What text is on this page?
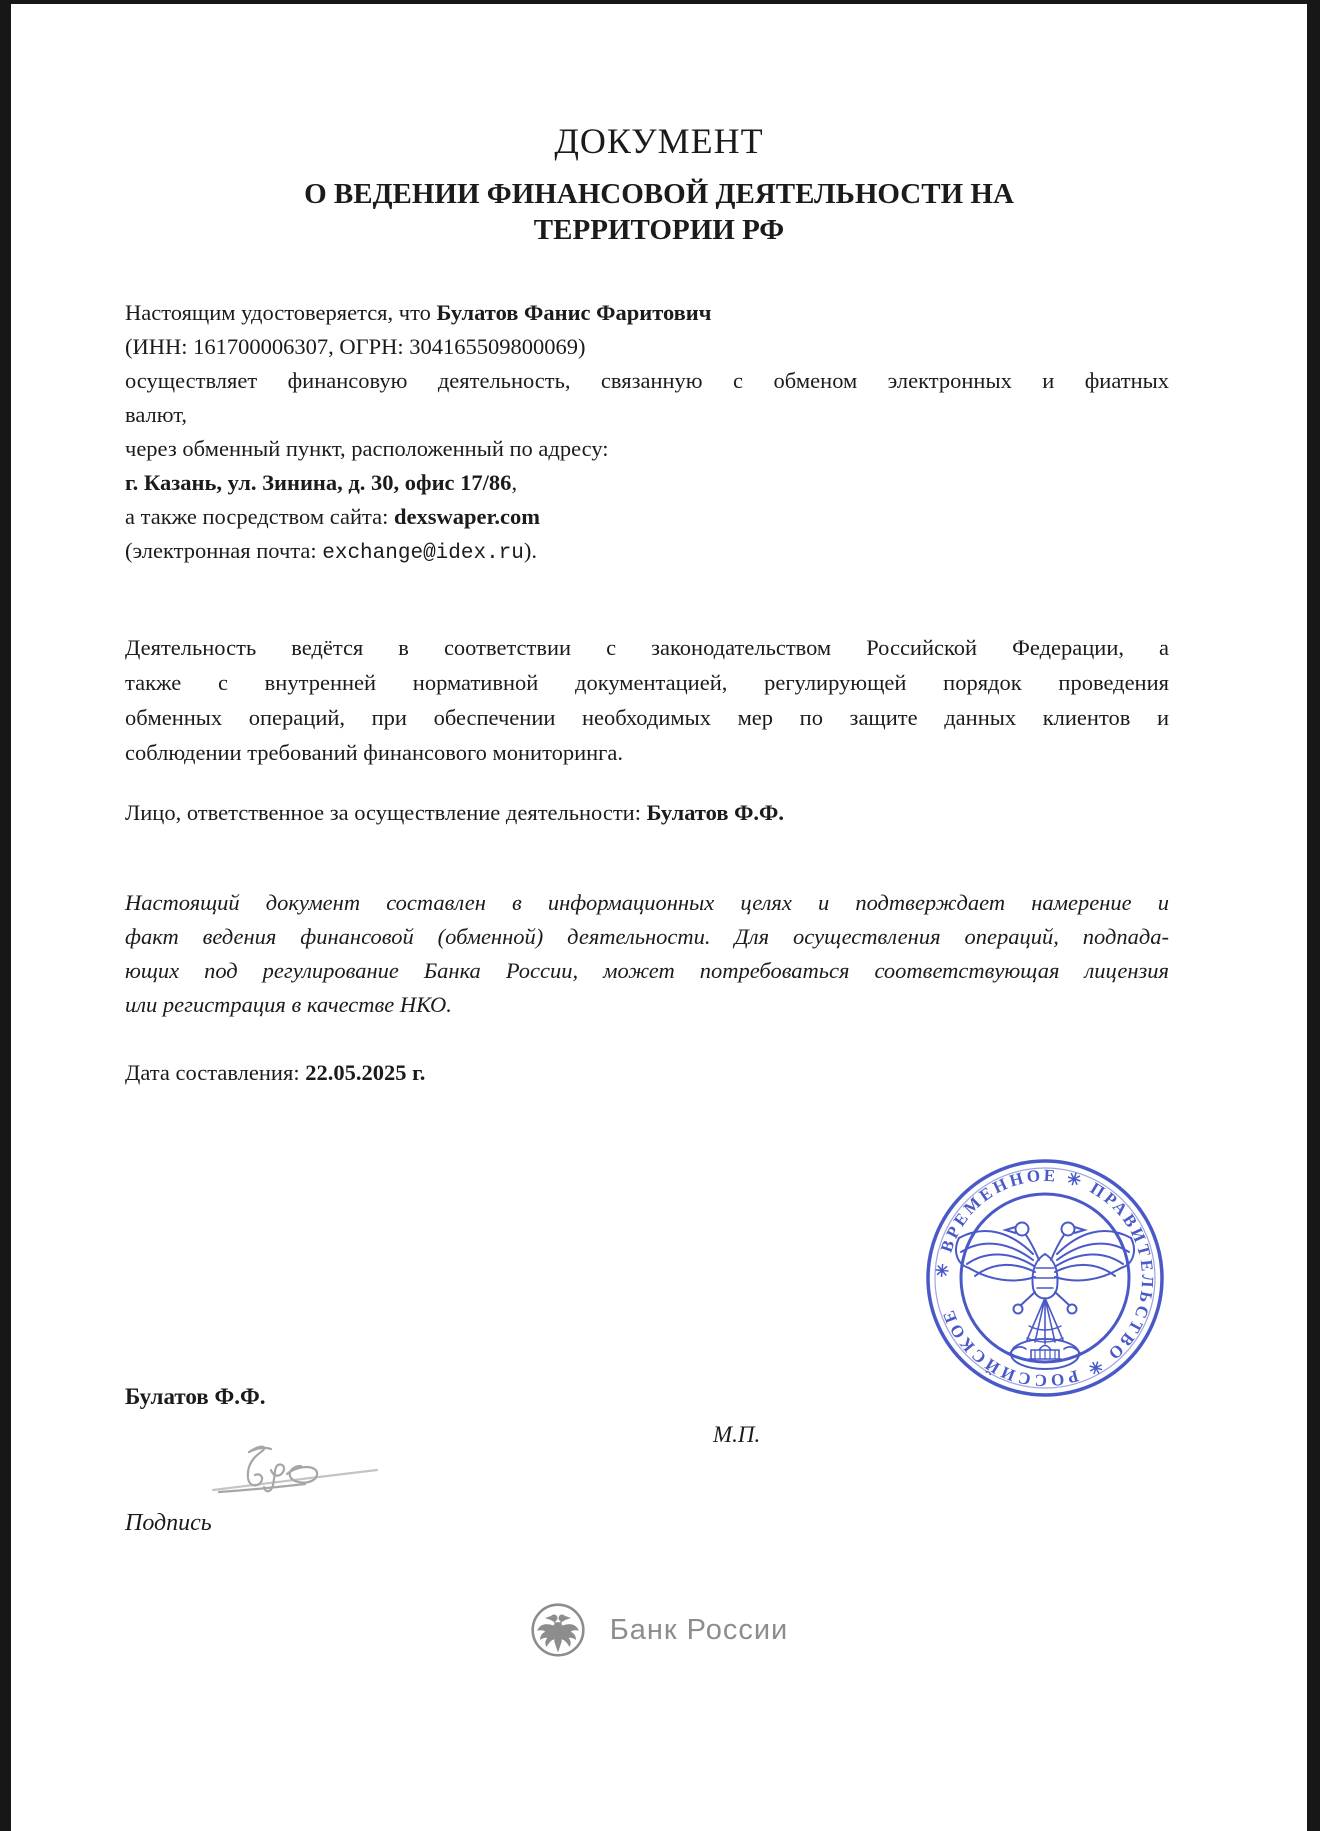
ДОКУМЕНТ
О ВЕДЕНИИ ФИНАНСОВОЙ ДЕЯТЕЛЬНОСТИ НА
ТЕРРИТОРИИ РФ
Настоящим удостоверяется, что Булатов Фанис Фаритович
(ИНН: 161700006307, ОГРН: 304165509800069)
осуществляет финансовую деятельность, связанную с обменом электронных и фиатных
валют,
через обменный пункт, расположенный по адресу:
г. Казань, ул. Зинина, д. 30, офис 17/86,
а также посредством сайта: dexswaper.com
(электронная почта: exchange@idex.ru).
Деятельность ведётся в соответствии с законодательством Российской Федерации, а
также с внутренней нормативной документацией, регулирующей порядок проведения
обменных операций, при обеспечении необходимых мер по защите данных клиентов и
соблюдении требований финансового мониторинга.
Лицо, ответственное за осуществление деятельности: Булатов Ф.Ф.
Настоящий документ составлен в информационных целях и подтверждает намерение и
факт ведения финансовой (обменной) деятельности. Для осуществления операций, подпада-
ющих под регулирование Банка России, может потребоваться соответствующая лицензия
или регистрация в качестве НКО.
Дата составления: 22.05.2025 г.
✳ ВРЕМЕННОЕ ✳ ПРАВИТЕЛЬСТВО ✳ РОССИЙСКОЕ
Булатов Ф.Ф.
М.П.
Подпись
Банк России
